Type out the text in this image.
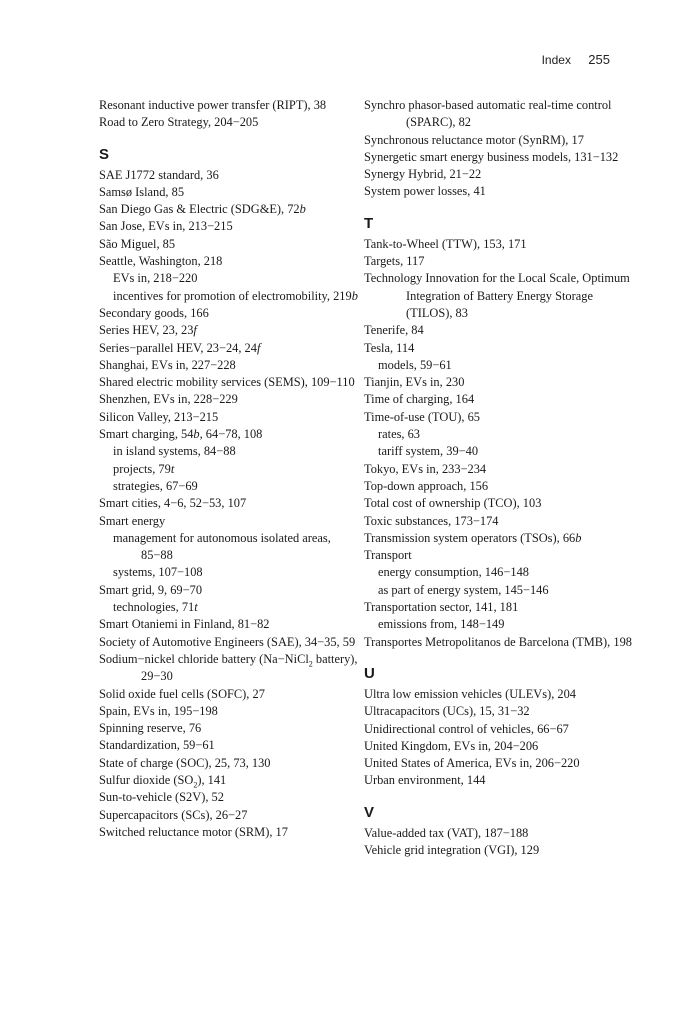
Index 255
Resonant inductive power transfer (RIPT), 38
Road to Zero Strategy, 204−205
S
SAE J1772 standard, 36
Samsø Island, 85
San Diego Gas & Electric (SDG&E), 72b
San Jose, EVs in, 213−215
São Miguel, 85
Seattle, Washington, 218
EVs in, 218−220
incentives for promotion of electromobility, 219b
Secondary goods, 166
Series HEV, 23, 23f
Series−parallel HEV, 23−24, 24f
Shanghai, EVs in, 227−228
Shared electric mobility services (SEMS), 109−110
Shenzhen, EVs in, 228−229
Silicon Valley, 213−215
Smart charging, 54b, 64−78, 108
in island systems, 84−88
projects, 79t
strategies, 67−69
Smart cities, 4−6, 52−53, 107
Smart energy
management for autonomous isolated areas, 85−88
systems, 107−108
Smart grid, 9, 69−70
technologies, 71t
Smart Otaniemi in Finland, 81−82
Society of Automotive Engineers (SAE), 34−35, 59
Sodium−nickel chloride battery (Na−NiCl$_2$ battery), 29−30
Solid oxide fuel cells (SOFC), 27
Spain, EVs in, 195−198
Spinning reserve, 76
Standardization, 59−61
State of charge (SOC), 25, 73, 130
Sulfur dioxide $(SO_2)$, 141
Sun-to-vehicle (S2V), 52
Supercapacitors (SCs), 26−27
Switched reluctance motor (SRM), 17
Synchro phasor-based automatic real-time control (SPARC), 82
Synchronous reluctance motor (SynRM), 17
Synergetic smart energy business models, 131−132
Synergy Hybrid, 21−22
System power losses, 41
T
Tank-to-Wheel (TTW), 153, 171
Targets, 117
Technology Innovation for the Local Scale, Optimum Integration of Battery Energy Storage (TILOS), 83
Tenerife, 84
Tesla, 114
models, 59−61
Tianjin, EVs in, 230
Time of charging, 164
Time-of-use (TOU), 65
rates, 63
tariff system, 39−40
Tokyo, EVs in, 233−234
Top-down approach, 156
Total cost of ownership (TCO), 103
Toxic substances, 173−174
Transmission system operators (TSOs), 66b
Transport
energy consumption, 146−148
as part of energy system, 145−146
Transportation sector, 141, 181
emissions from, 148−149
Transportes Metropolitanos de Barcelona (TMB), 198
U
Ultra low emission vehicles (ULEVs), 204
Ultracapacitors (UCs), 15, 31−32
Unidirectional control of vehicles, 66−67
United Kingdom, EVs in, 204−206
United States of America, EVs in, 206−220
Urban environment, 144
V
Value-added tax (VAT), 187−188
Vehicle grid integration (VGI), 129
